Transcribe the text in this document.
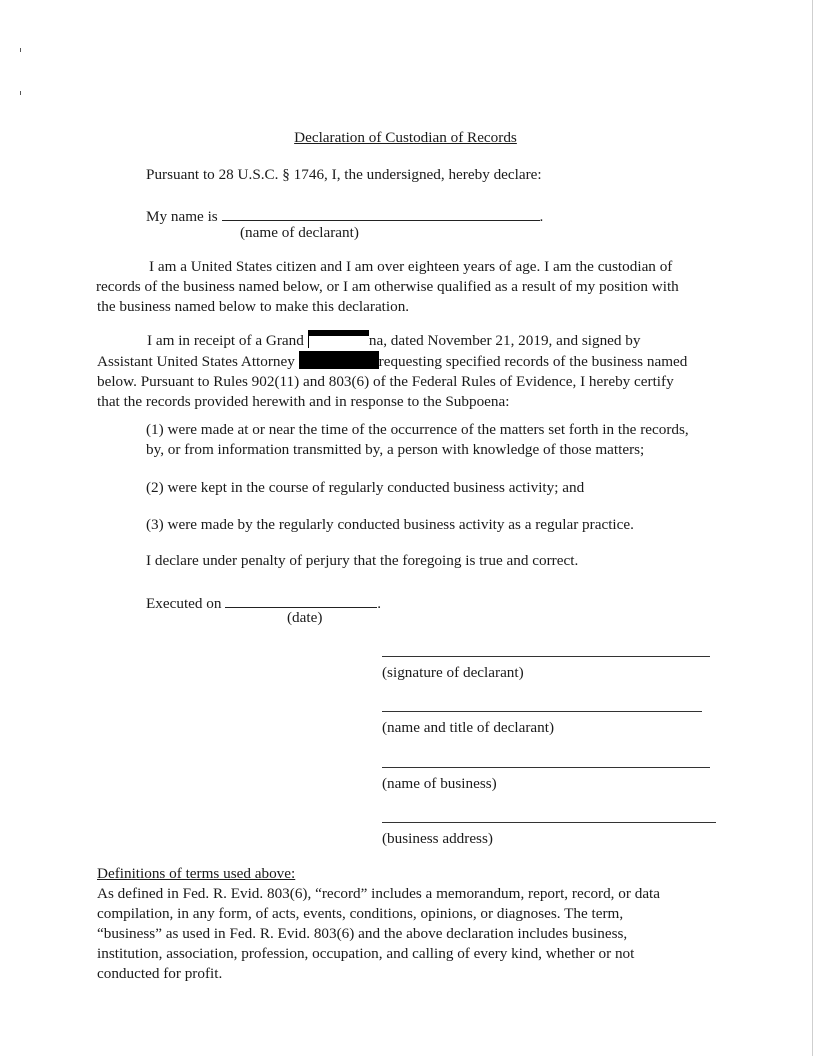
Declaration of Custodian of Records
Pursuant to 28 U.S.C. § 1746, I, the undersigned, hereby declare:
My name is	.
(name of declarant)
I am a United States citizen and I am over eighteen years of age. I am the custodian of
records of the business named below, or I am otherwise qualified as a result of my position with
the business named below to make this declaration.
I am in receipt of a Grand	na, dated November 21, 2019, and signed by
Assistant United States Attorney	requesting specified records of the business named
below. Pursuant to Rules 902(11) and 803(6) of the Federal Rules of Evidence, I hereby certify
that the records provided herewith and in response to the Subpoena:
(1) were made at or near the time of the occurrence of the matters set forth in the records,
by, or from information transmitted by, a person with knowledge of those matters;
(2) were kept in the course of regularly conducted business activity; and
(3) were made by the regularly conducted business activity as a regular practice.
I declare under penalty of perjury that the foregoing is true and correct.
Executed on	.
(date)
(signature of declarant)
(name and title of declarant)
(name of business)
(business address)
Definitions of terms used above:
As defined in Fed. R. Evid. 803(6), “record” includes a memorandum, report, record, or data
compilation, in any form, of acts, events, conditions, opinions, or diagnoses. The term,
“business” as used in Fed. R. Evid. 803(6) and the above declaration includes business,
institution, association, profession, occupation, and calling of every kind, whether or not
conducted for profit.
